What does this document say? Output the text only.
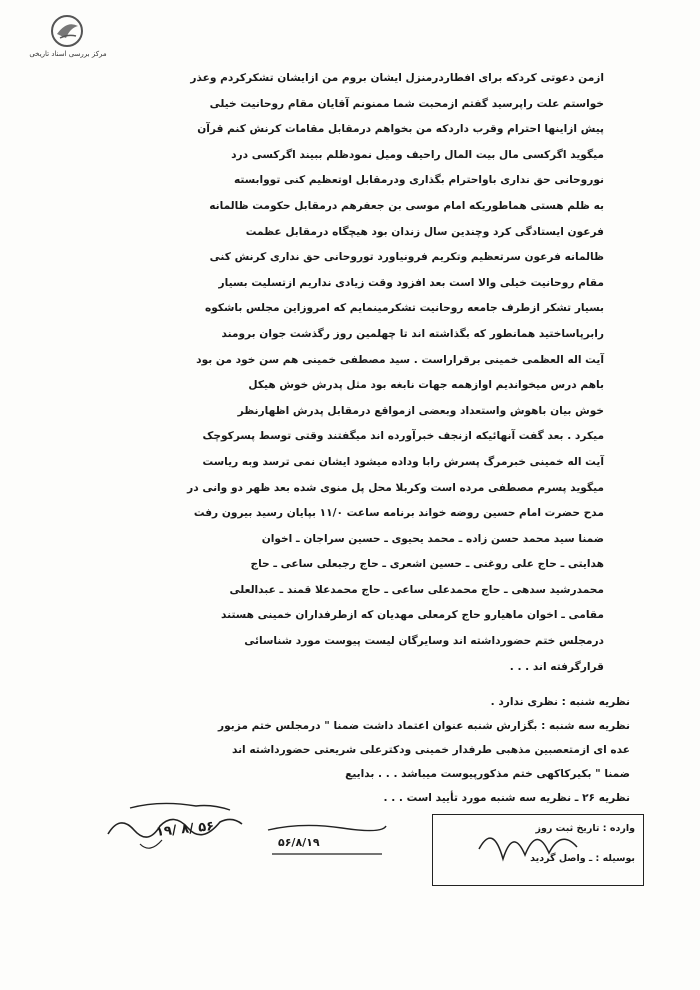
مرکز بررسی اسناد تاریخی

ازمن دعوتی کردکه برای افطاردرمنزل ایشان بروم من ازایشان تشکرکردم وعذر

خواستم علت راپرسید گفتم ازمحبت شما ممنونم آقایان مقام روحانیت خیلی

پیش ازاینها احترام وقرب داردکه من بخواهم درمقابل مقامات کرنش کنم قرآن

میگوید اگرکسی مال بیت المال راحیف ومیل نمودظلم ببیند اگرکسی درد

نوروحانی حق نداری باواحترام بگذاری ودرمقابل اوتعظیم کنی تووابسته

به ظلم هستی هماطوریکه امام موسی بن جعفرهم درمقابل حکومت ظالمانه

فرعون ایستادگی کرد وچندین سال زندان بود هیچگاه درمقابل عظمت

ظالمانه فرعون سرتعظیم وتکریم فرونیاورد توروحانی حق نداری کرنش کنی

مقام روحانیت خیلی والا است بعد افزود وقت زیادی نداریم ازتسلیت بسیار

بسیار تشکر ازطرف جامعه روحانیت تشکرمینمایم که امروزاین مجلس باشکوه

رابرپاساختید همانطور که بگذاشته اند تا چهلمین روز رگذشت جوان برومند

آیت اله العظمی خمینی برقراراست . سید مصطفی خمینی هم سن خود من بود

باهم درس میخواندیم اوازهمه جهات نابغه بود مثل پدرش خوش هیکل

خوش بیان باهوش واستعداد وبعضی ازمواقع درمقابل پدرش اظهارنظر

میکرد . بعد گفت آنهائیکه ازنجف خبرآورده اند میگفتند وقتی توسط پسرکوچک

آیت اله خمینی خبرمرگ پسرش رابا وداده میشود ایشان نمی ترسد وبه ریاست

میگوید پسرم مصطفی مرده است وکربلا محل پل منوی شده بعد ظهر دو وانی در

مدح حضرت امام حسین روضه خواند برنامه ساعت ۱۱/۰ بپایان رسید بیرون رفت

ضمنا سید محمد حسن زاده ـ محمد یحیوی ـ حسین سراجان ـ اخوان

هدایتی ـ حاج علی روغنی ـ حسین اشعری ـ حاج رجبعلی ساعی ـ حاج

محمدرشید سدهی ـ حاج محمدعلی ساعی ـ حاج محمدعلا قمند ـ عبدالعلی

مقامی ـ اخوان ماهیارو حاج کرمعلی مهدیان که ازطرفداران خمینی هستند

درمجلس ختم حضورداشته اند وسایرگان لیست پیوست مورد شناسائی

قرارگرفته اند . . .

نظریه شنبه : نظری ندارد .

نظریه سه شنبه : بگزارش شنبه عنوان اعتماد داشت ضمنا " درمجلس ختم مزبور

عده ای ازمتعصبین مذهبی طرفدار خمینی ودکترعلی شریعتی حضورداشته اند

ضمنا " بکیرکاکهی ختم مذکورپیوست میباشد . . . بداییع

نظریه ۲۶ ـ نظریه سه شنبه مورد تأیید است . . .

۱۹/ ۸/ ۵۶
۵۶/۸/۱۹
وارده : تاریخ ثبت روز
بوسیله : ـ واصل گردید
